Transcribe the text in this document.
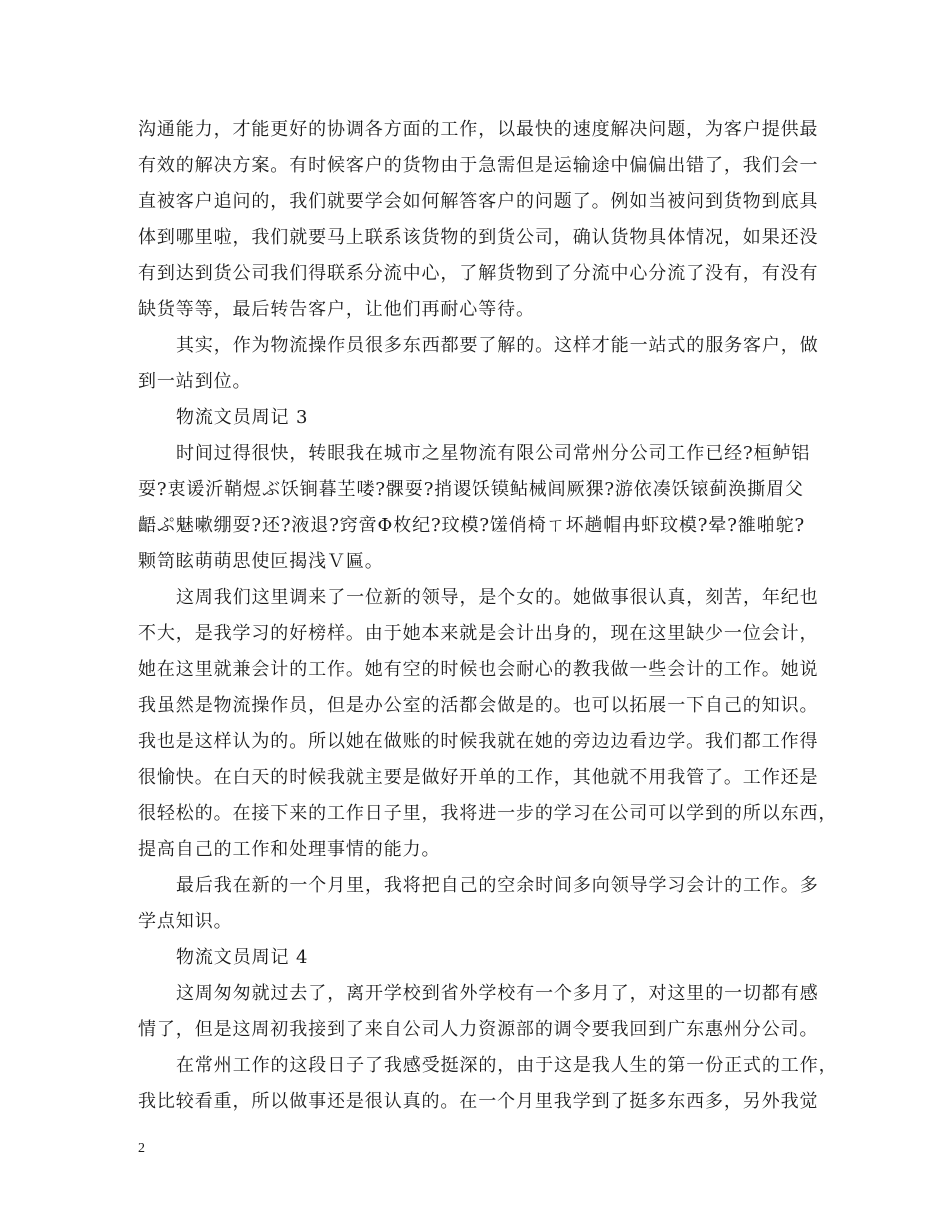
沟通能力，才能更好的协调各方面的工作，以最快的速度解决问题，为客户提供最
有效的解决方案。有时候客户的货物由于急需但是运输途中偏偏出错了，我们会一
直被客户追问的，我们就要学会如何解答客户的问题了。例如当被问到货物到底具
体到哪里啦，我们就要马上联系该货物的到货公司，确认货物具体情况，如果还没
有到达到货公司我们得联系分流中心，了解货物到了分流中心分流了没有，有没有
缺货等等，最后转告客户，让他们再耐心等待。
其实，作为物流操作员很多东西都要了解的。这样才能一站式的服务客户，做
到一站到位。
物流文员周记 3
时间过得很快，转眼我在城市之星物流有限公司常州分公司工作已经?桓鲈铝
耍?衷谖沂鞘煜ぶ饫锏暮芏喽?髁耍?捎谡饫镆鲇械闾厥猓?游依凑饫锿蓟涣撕眉父
齬ぷ魅嗽绷耍?还?液退?窍啻Φ枚纪?玟模?馐俏椅ㄒ坏趟帽冉虾玟模?晕?雒啪鸵?
颗笥眩萌萌思使叵揭浅Ｖ匾。
这周我们这里调来了一位新的领导，是个女的。她做事很认真，刻苦，年纪也
不大，是我学习的好榜样。由于她本来就是会计出身的，现在这里缺少一位会计，
她在这里就兼会计的工作。她有空的时候也会耐心的教我做一些会计的工作。她说
我虽然是物流操作员，但是办公室的活都会做是的。也可以拓展一下自己的知识。
我也是这样认为的。所以她在做账的时候我就在她的旁边边看边学。我们都工作得
很愉快。在白天的时候我就主要是做好开单的工作，其他就不用我管了。工作还是
很轻松的。在接下来的工作日子里，我将进一步的学习在公司可以学到的所以东西，
提高自己的工作和处理事情的能力。
最后我在新的一个月里，我将把自己的空余时间多向领导学习会计的工作。多
学点知识。
物流文员周记 4
这周匆匆就过去了，离开学校到省外学校有一个多月了，对这里的一切都有感
情了，但是这周初我接到了来自公司人力资源部的调令要我回到广东惠州分公司。
在常州工作的这段日子了我感受挺深的，由于这是我人生的第一份正式的工作，
我比较看重，所以做事还是很认真的。在一个月里我学到了挺多东西多，另外我觉
2
